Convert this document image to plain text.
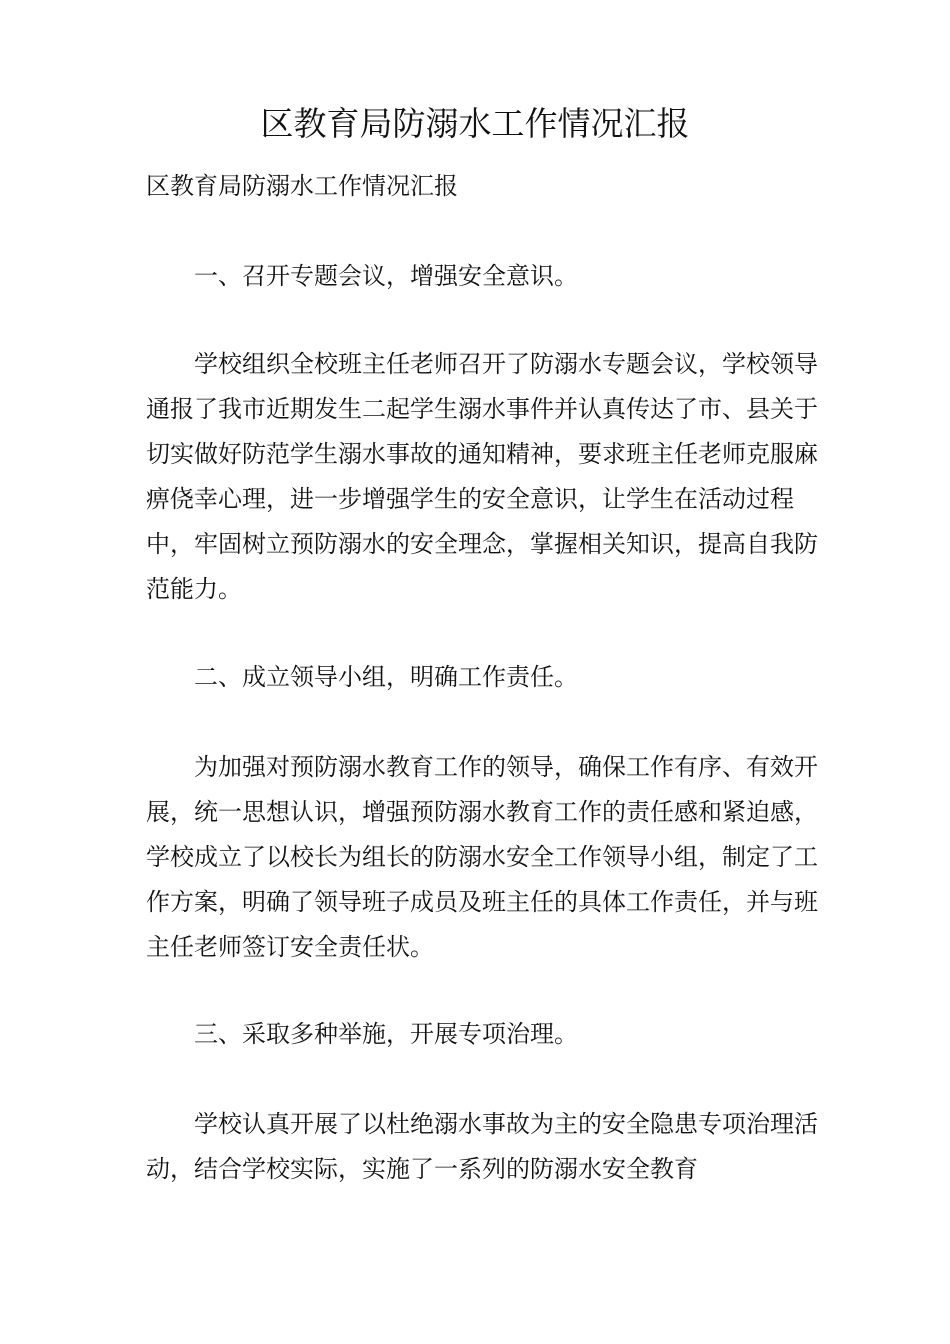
区教育局防溺水工作情况汇报

区教育局防溺水工作情况汇报

一、召开专题会议，增强安全意识。

学校组织全校班主任老师召开了防溺水专题会议，学校领导通报了我市近期发生二起学生溺水事件并认真传达了市、县关于切实做好防范学生溺水事故的通知精神，要求班主任老师克服麻痹侥幸心理，进一步增强学生的安全意识，让学生在活动过程中，牢固树立预防溺水的安全理念，掌握相关知识，提高自我防范能力。

二、成立领导小组，明确工作责任。

为加强对预防溺水教育工作的领导，确保工作有序、有效开展，统一思想认识，增强预防溺水教育工作的责任感和紧迫感，学校成立了以校长为组长的防溺水安全工作领导小组，制定了工作方案，明确了领导班子成员及班主任的具体工作责任，并与班主任老师签订安全责任状。

三、采取多种举施，开展专项治理。

学校认真开展了以杜绝溺水事故为主的安全隐患专项治理活动，结合学校实际，实施了一系列的防溺水安全教育
